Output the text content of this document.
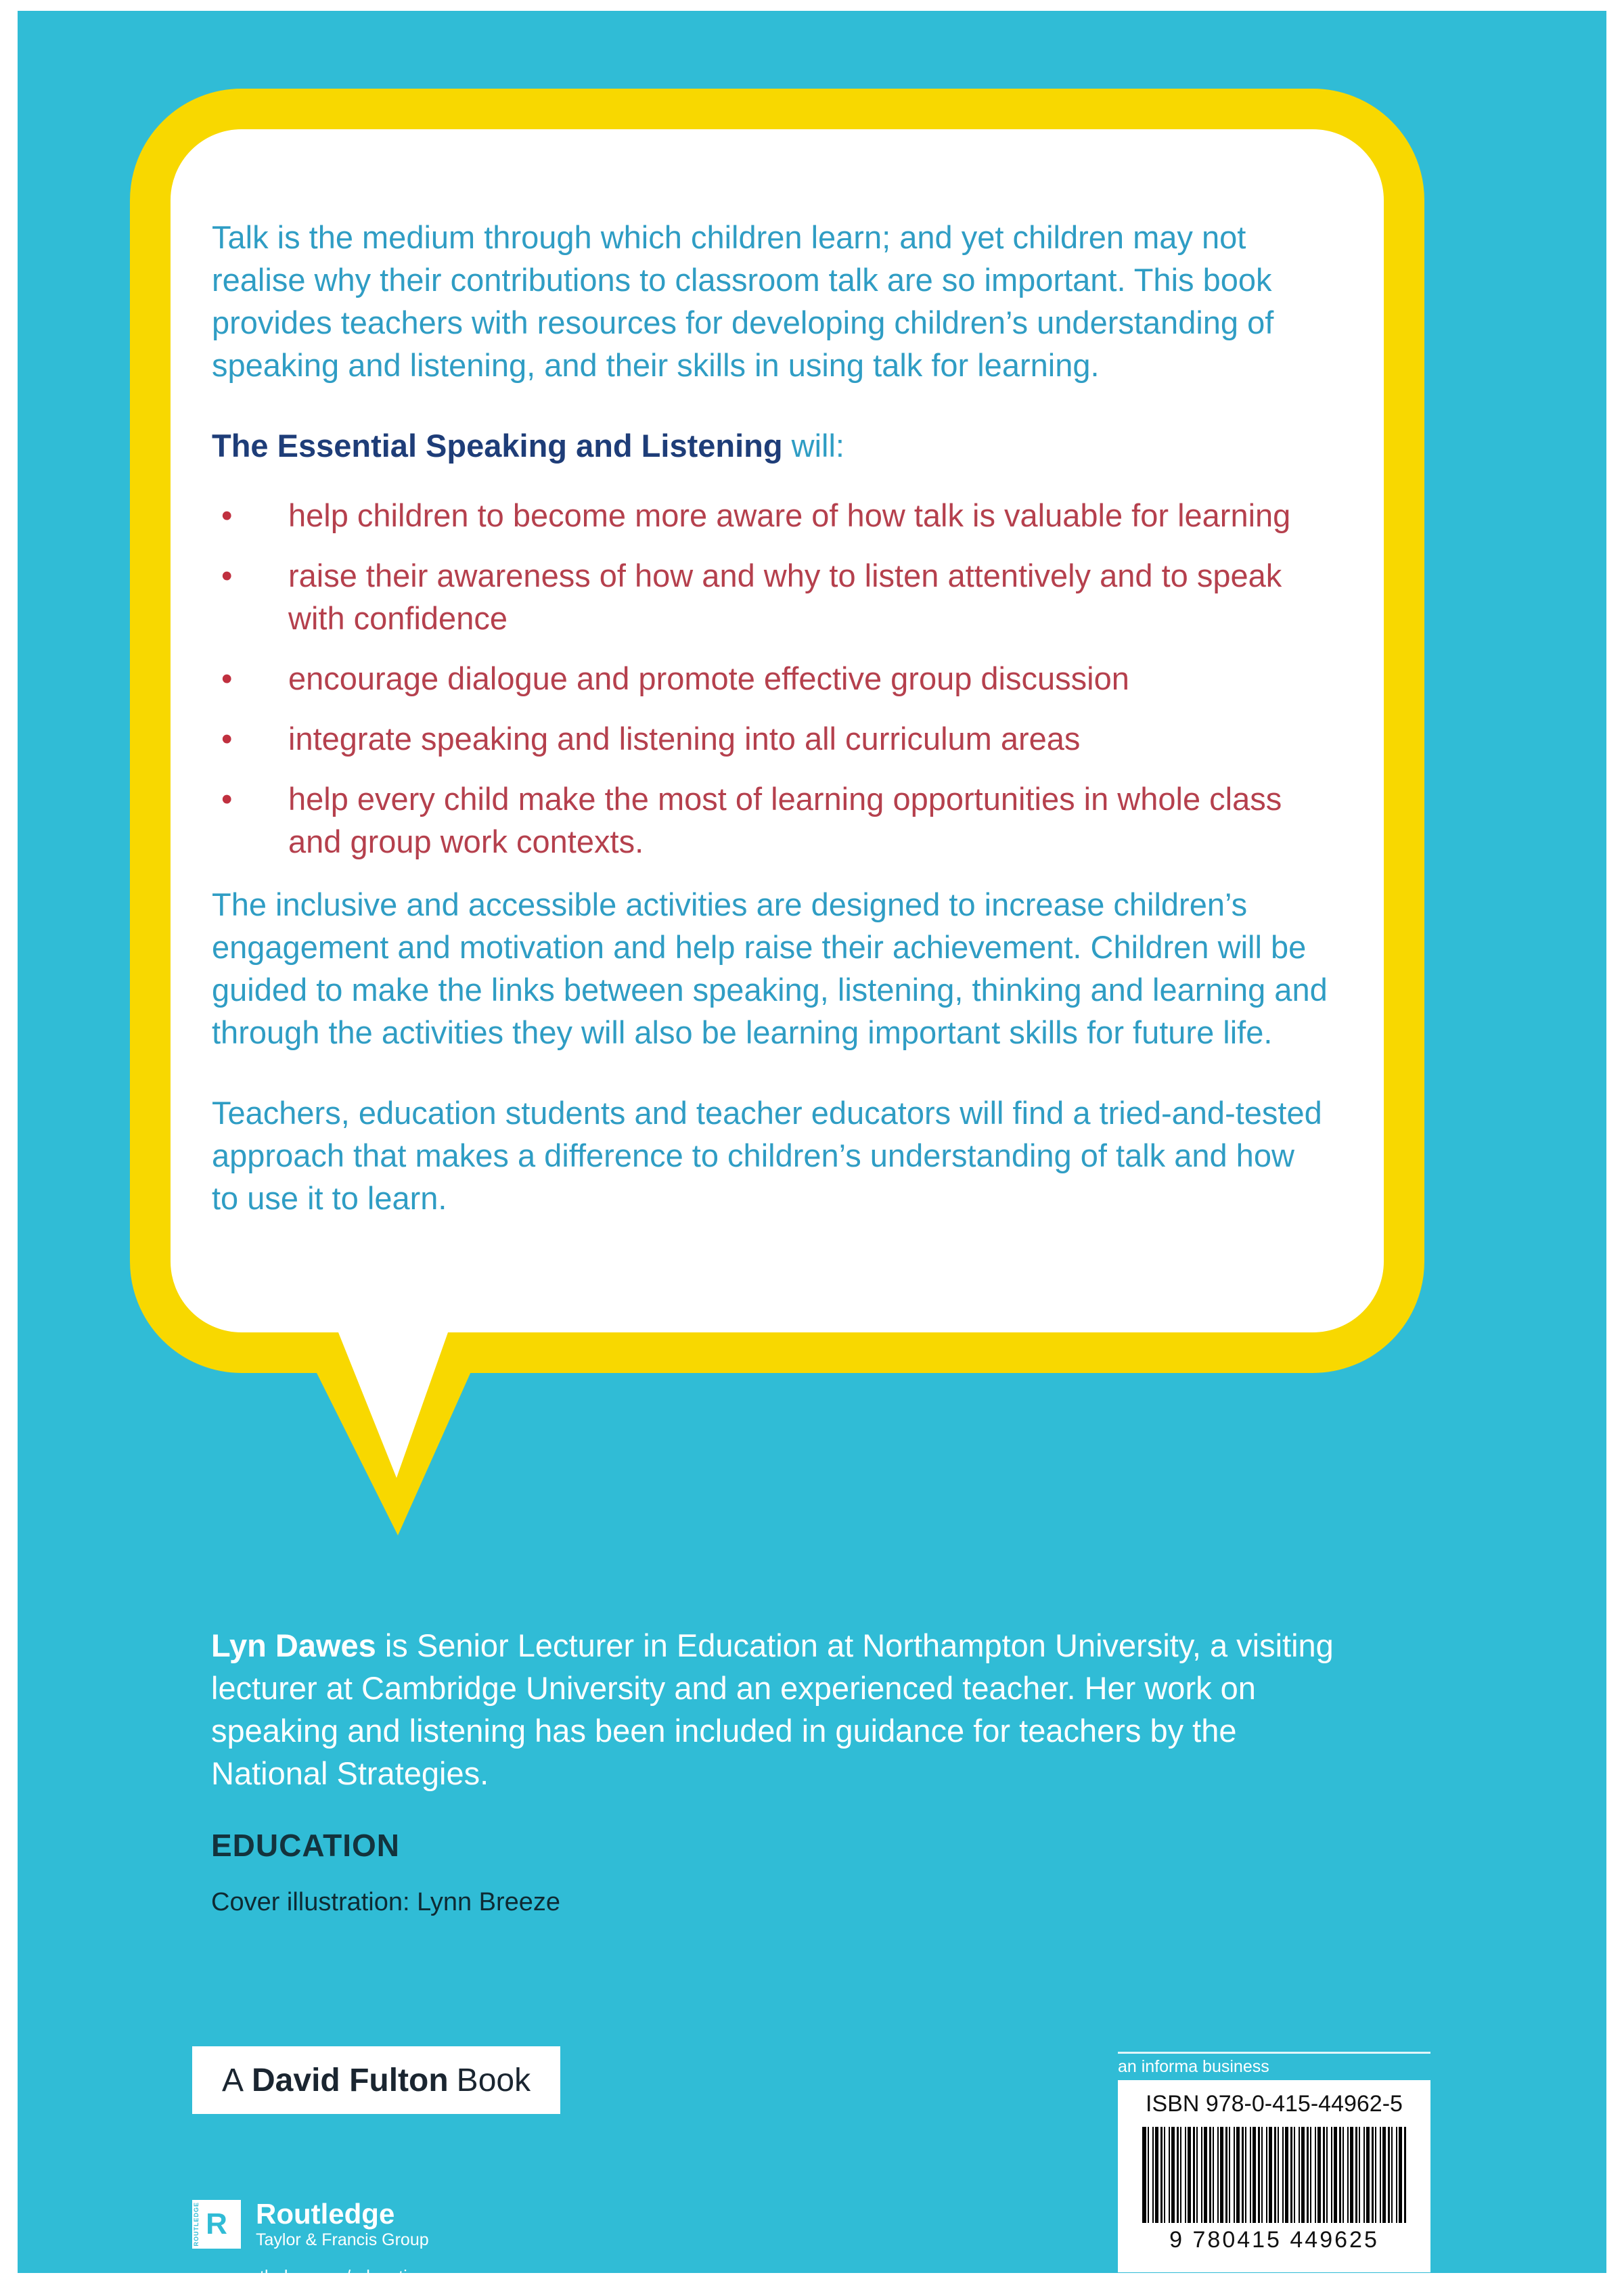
Talk is the medium through which children learn; and yet children may not realise why their contributions to classroom talk are so important. This book provides teachers with resources for developing children’s understanding of speaking and listening, and their skills in using talk for learning.

The Essential Speaking and Listening will:
• help children to become more aware of how talk is valuable for learning
• raise their awareness of how and why to listen attentively and to speak with confidence
• encourage dialogue and promote effective group discussion
• integrate speaking and listening into all curriculum areas
• help every child make the most of learning opportunities in whole class and group work contexts.

The inclusive and accessible activities are designed to increase children’s engagement and motivation and help raise their achievement. Children will be guided to make the links between speaking, listening, thinking and learning and through the activities they will also be learning important skills for future life.

Teachers, education students and teacher educators will find a tried-and-tested approach that makes a difference to children’s understanding of talk and how to use it to learn.

Lyn Dawes is Senior Lecturer in Education at Northampton University, a visiting lecturer at Cambridge University and an experienced teacher. Her work on speaking and listening has been included in guidance for teachers by the National Strategies.
EDUCATION
Cover illustration: Lynn Breeze
A David Fulton Book
ROUTLEDGE R Routledge
Taylor & Francis Group
www.routledge.com/education
an informa business
ISBN 978-0-415-44962-5
9 780415 449625
